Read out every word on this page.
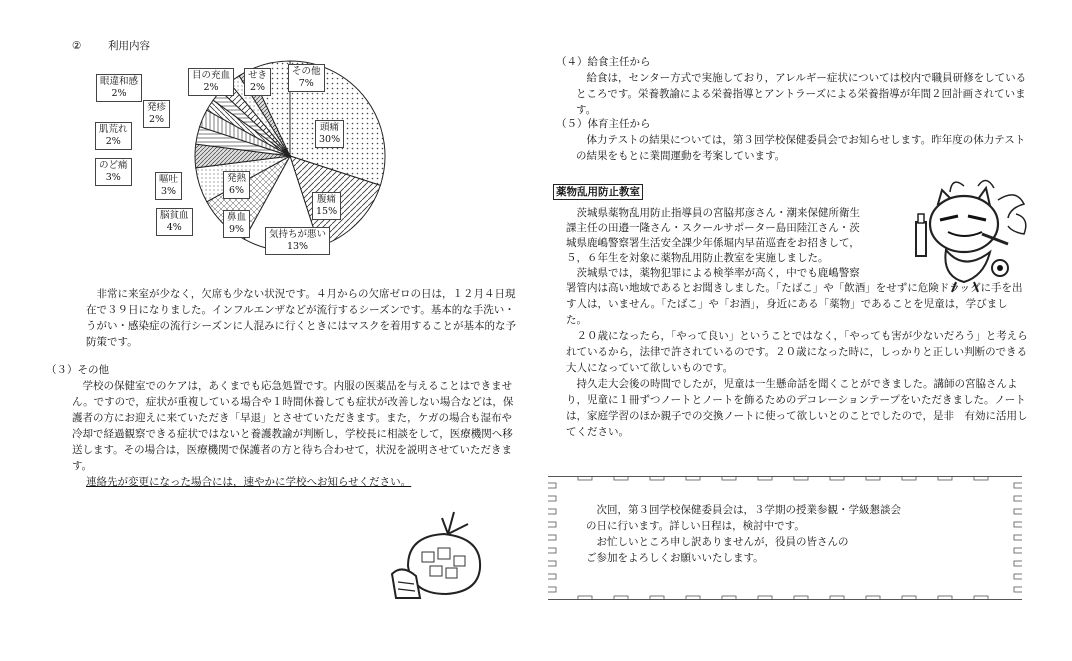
②	利用内容
眼違和感
2%
発疹
2%
目の充血
2%
せき
2%
その他
7%
肌荒れ
2%
頭痛
30%
のど痛
3%	嘔吐
3%
発熱
6%
腹痛
15%
脳貧血
4%
鼻血
9%	気持ちが悪い
13%

非常に来室が少なく，欠席も少ない状況です。４月からの欠席ゼロの日は，１２月４日現在で３９日になりました。インフルエンザなどが流行するシーズンです。基本的な手洗い・うがい・感染症の流行シーズンに人混みに行くときにはマスクを着用することが基本的な予防策です。

（３）その他

学校の保健室でのケアは，あくまでも応急処置です。内服の医薬品を与えることはできません。ですので，症状が重複している場合や１時間休養しても症状が改善しない場合などは，保護者の方にお迎えに来ていただき「早退」とさせていただきます。また，ケガの場合も湿布や冷却で経過観察できる症状ではないと養護教諭が判断し，学校長に相談をして，医療機関へ移送します。その場合は，医療機関で保護者の方と待ち合わせて，状況を説明させていただきます。

連絡先が変更になった場合には，速やかに学校へお知らせください。
（４）給食主任から

給食は，センター方式で実施しており，アレルギー症状については校内で職員研修をしているところです。栄養教諭による栄養指導とアントラーズによる栄養指導が年間２回計画されています。

（５）体育主任から

体力テストの結果については，第３回学校保健委員会でお知らせします。昨年度の体力テストの結果をもとに業間運動を考案しています。

薬物乱用防止教室

茨城県薬物乱用防止指導員の宮脇邦彦さん・潮来保健所衛生

課主任の田邉一隆さん・スクールサポーター島田陸江さん・茨

城県鹿嶋警察署生活安全課少年係堀内早苗巡査をお招きして，

５，６年生を対象に薬物乱用防止教室を実施しました。

茨城県では，薬物犯罪による検挙率が高く，中でも鹿嶋警察

署管内は高い地域であるとお聞きしました。「たばこ」や「飲酒」をせずに危険ドラッグに手を出す人は，いません。「たばこ」や「お酒」，身近にある「薬物」であることを児童は，学びました。

２０歳になったら，「やって良い」ということではなく，「やっても害が少ないだろう」と考えられているから，法律で許されているのです。２０歳になった時に，しっかりと正しい判断のできる大人になっていて欲しいものです。

持久走大会後の時間でしたが，児童は一生懸命話を聞くことができました。講師の宮脇さんより，児童に１冊ずつノートとノートを飾るためのデコレーションテープをいただきました。ノートは，家庭学習のほか親子での交換ノートに使って欲しいとのことでしたので，是非　有効に活用してください。

次回，第３回学校保健委員会は，３学期の授業参観・学級懇談会

の日に行います。詳しい日程は，検討中です。

お忙しいところ申し訳ありませんが，役員の皆さんの

ご参加をよろしくお願いいたします。
